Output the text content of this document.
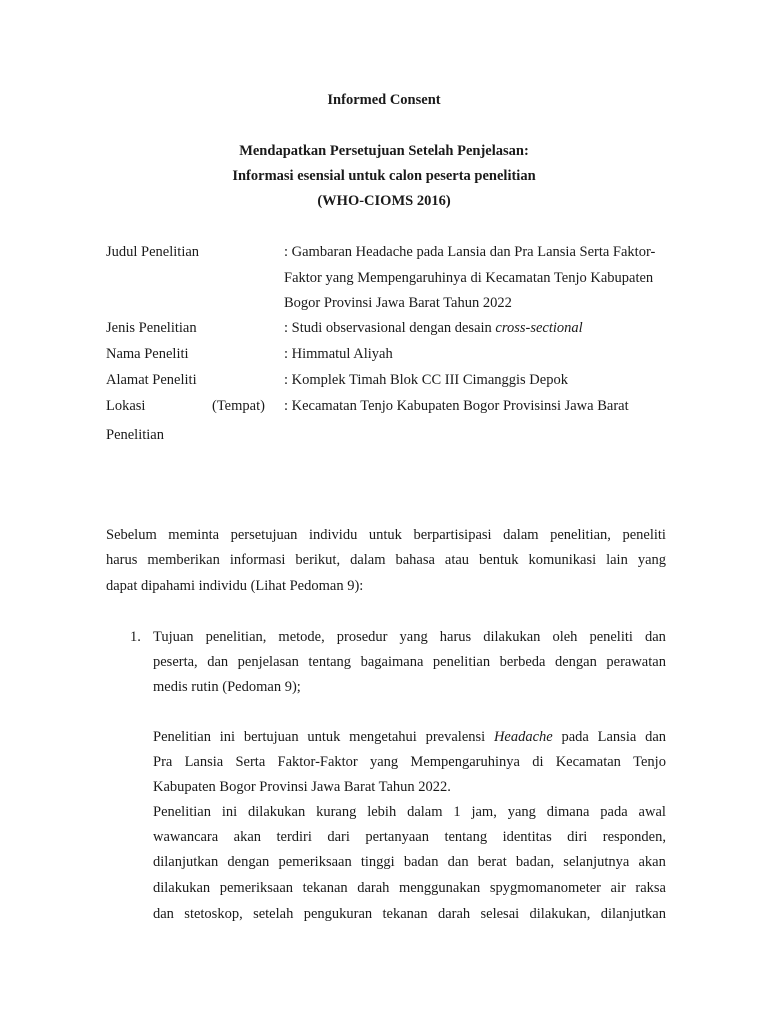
Informed Consent
Mendapatkan Persetujuan Setelah Penjelasan:
Informasi esensial untuk calon peserta penelitian
(WHO-CIOMS 2016)
Judul Penelitian	: Gambaran Headache pada Lansia dan Pra Lansia Serta Faktor-
Faktor yang Mempengaruhinya di Kecamatan Tenjo Kabupaten
Bogor Provinsi Jawa Barat Tahun 2022
Jenis Penelitian	: Studi observasional dengan desain cross-sectional
Nama Peneliti	: Himmatul Aliyah
Alamat Peneliti	: Komplek Timah Blok CC III Cimanggis Depok
Lokasi	(Tempat) : Kecamatan Tenjo Kabupaten Bogor Provisinsi Jawa Barat
Penelitian
Sebelum meminta persetujuan individu untuk berpartisipasi dalam penelitian, peneliti
harus memberikan informasi berikut, dalam bahasa atau bentuk komunikasi lain yang
dapat dipahami individu (Lihat Pedoman 9):
1. Tujuan penelitian, metode, prosedur yang harus dilakukan oleh peneliti dan
peserta, dan penjelasan tentang bagaimana penelitian berbeda dengan perawatan
medis rutin (Pedoman 9);
Penelitian ini bertujuan untuk mengetahui prevalensi Headache pada Lansia dan
Pra Lansia Serta Faktor-Faktor yang Mempengaruhinya di Kecamatan Tenjo
Kabupaten Bogor Provinsi Jawa Barat Tahun 2022.
Penelitian ini dilakukan kurang lebih dalam 1 jam, yang dimana pada awal
wawancara akan terdiri dari pertanyaan tentang identitas diri responden,
dilanjutkan dengan pemeriksaan tinggi badan dan berat badan, selanjutnya akan
dilakukan pemeriksaan tekanan darah menggunakan spygmomanometer air raksa
dan stetoskop, setelah pengukuran tekanan darah selesai dilakukan, dilanjutkan
